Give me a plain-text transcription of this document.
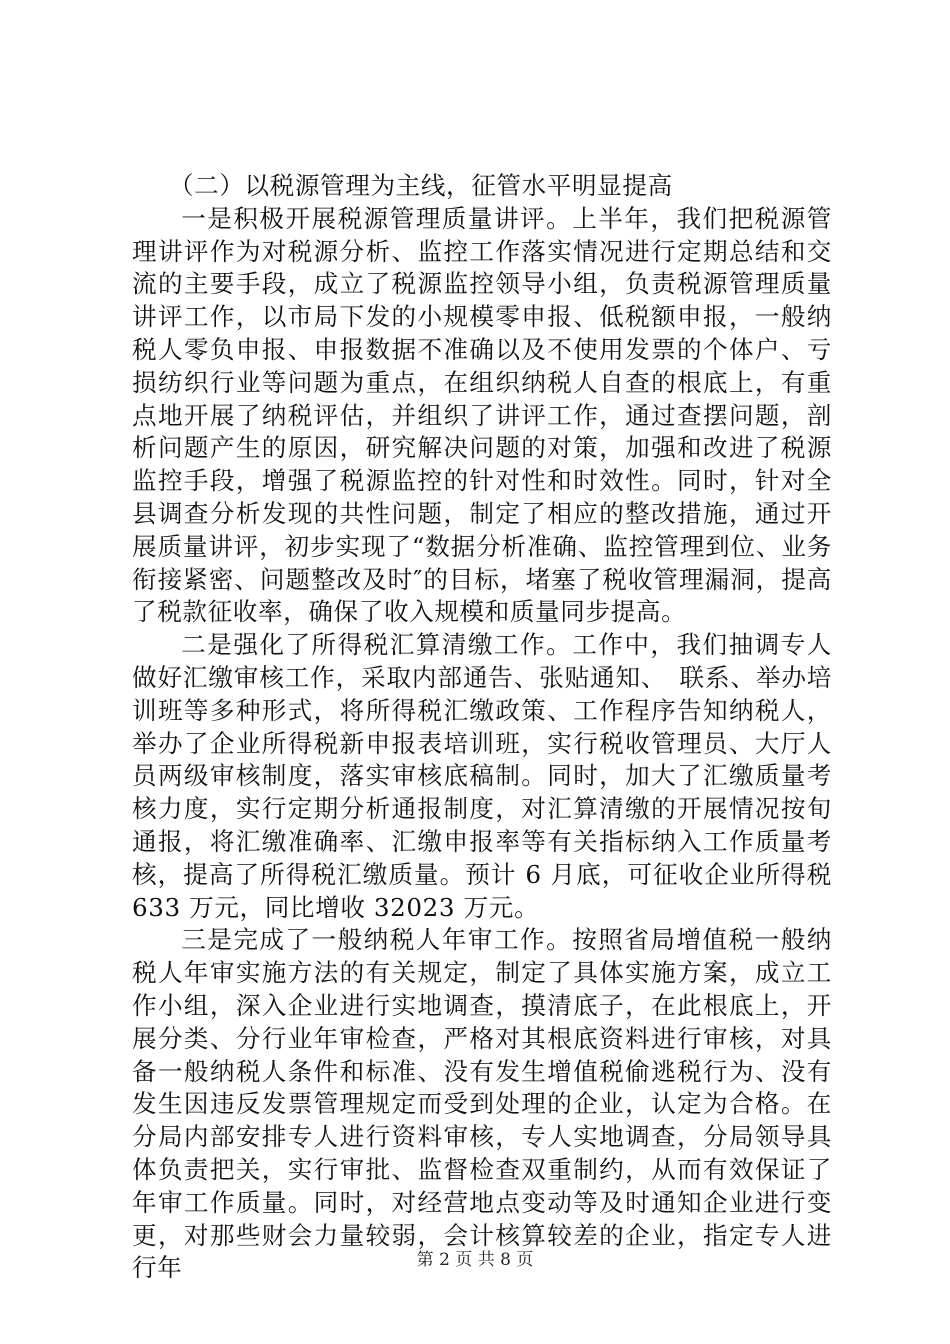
（二）以税源管理为主线，征管水平明显提高

一是积极开展税源管理质量讲评。上半年，我们把税源管理讲评作为对税源分析、监控工作落实情况进行定期总结和交流的主要手段，成立了税源监控领导小组，负责税源管理质量讲评工作，以市局下发的小规模零申报、低税额申报，一般纳税人零负申报、申报数据不准确以及不使用发票的个体户、亏损纺织行业等问题为重点，在组织纳税人自查的根底上，有重点地开展了纳税评估，并组织了讲评工作，通过查摆问题，剖析问题产生的原因，研究解决问题的对策，加强和改进了税源监控手段，增强了税源监控的针对性和时效性。同时，针对全县调查分析发现的共性问题，制定了相应的整改措施，通过开展质量讲评，初步实现了“数据分析准确、监控管理到位、业务衔接紧密、问题整改及时″的目标，堵塞了税收管理漏洞，提高了税款征收率，确保了收入规模和质量同步提高。

二是强化了所得税汇算清缴工作。工作中，我们抽调专人做好汇缴审核工作，采取内部通告、张贴通知、　联系、举办培训班等多种形式，将所得税汇缴政策、工作程序告知纳税人，举办了企业所得税新申报表培训班，实行税收管理员、大厅人员两级审核制度，落实审核底稿制。同时，加大了汇缴质量考核力度，实行定期分析通报制度，对汇算清缴的开展情况按旬通报，将汇缴准确率、汇缴申报率等有关指标纳入工作质量考核，提高了所得税汇缴质量。预计 6 月底，可征收企业所得税 633 万元，同比增收 32023 万元。

三是完成了一般纳税人年审工作。按照省局增值税一般纳税人年审实施方法的有关规定，制定了具体实施方案，成立工作小组，深入企业进行实地调查，摸清底子，在此根底上，开展分类、分行业年审检查，严格对其根底资料进行审核，对具备一般纳税人条件和标准、没有发生增值税偷逃税行为、没有发生因违反发票管理规定而受到处理的企业，认定为合格。在分局内部安排专人进行资料审核，专人实地调查，分局领导具体负责把关，实行审批、监督检查双重制约，从而有效保证了年审工作质量。同时，对经营地点变动等及时通知企业进行变更，对那些财会力量较弱，会计核算较差的企业，指定专人进行年	第 2 页 共 8 页
